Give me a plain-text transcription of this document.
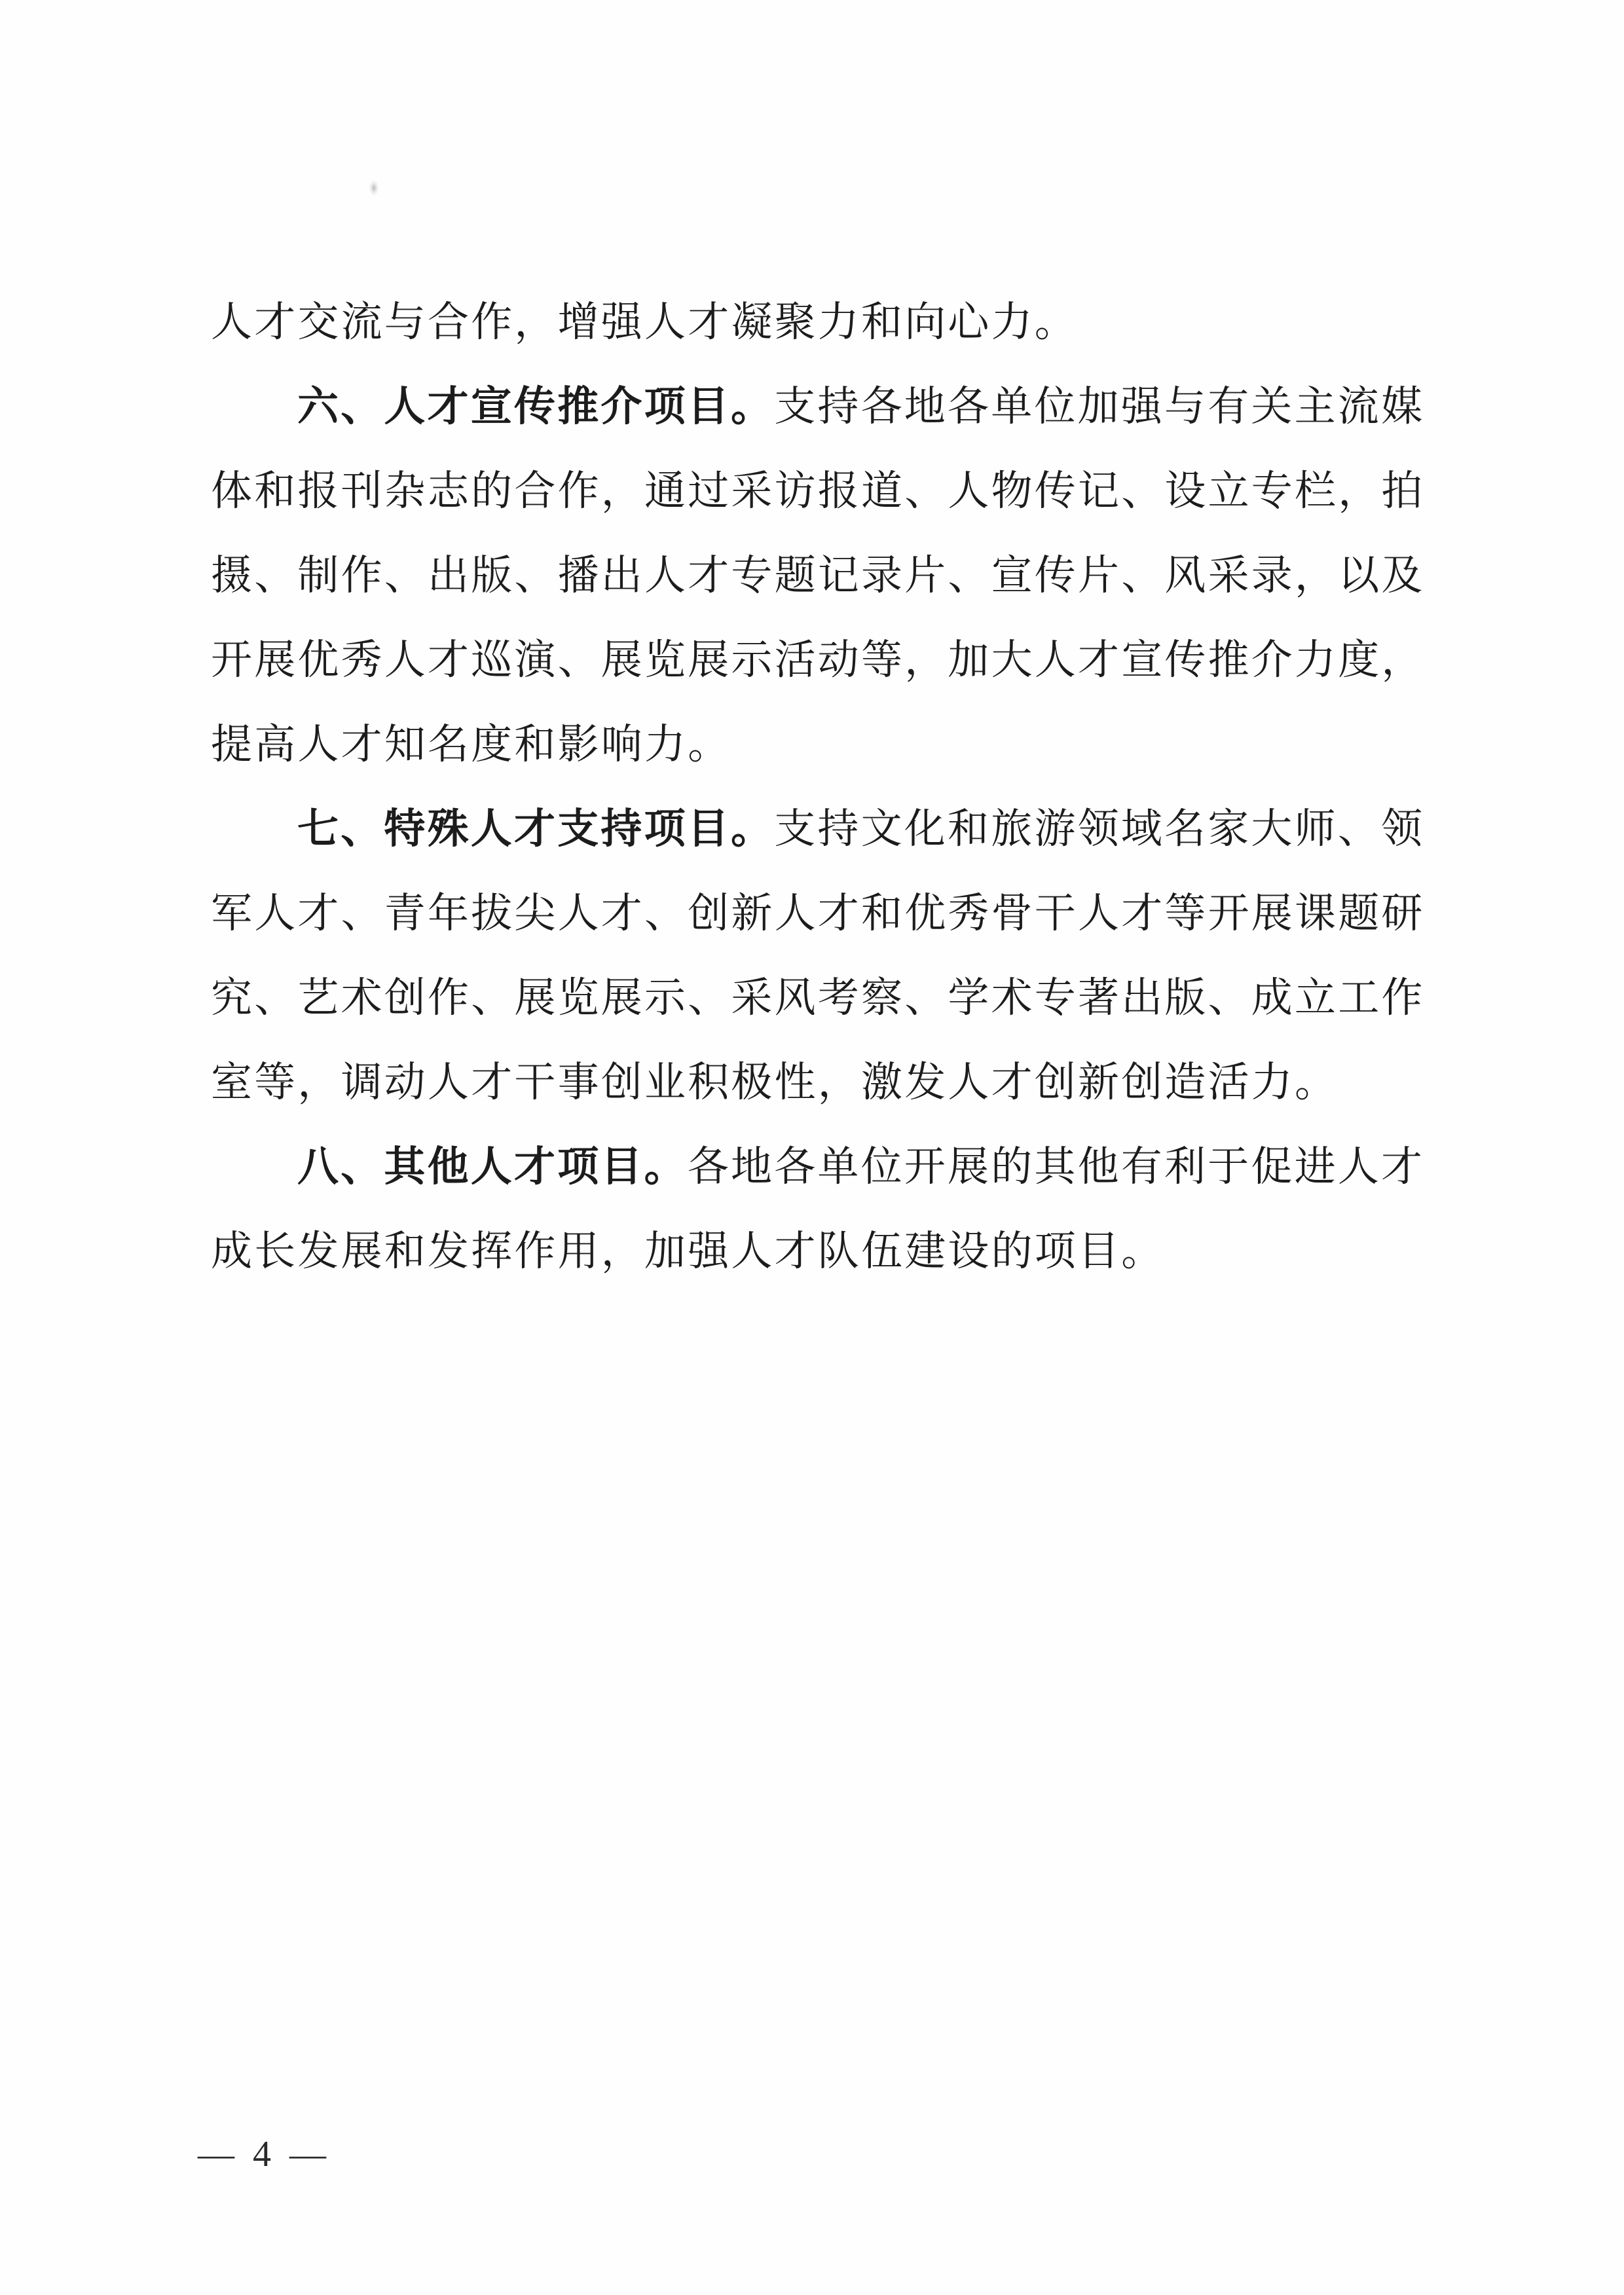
人才交流与合作，增强人才凝聚力和向心力。

六、人才宣传推介项目。支持各地各单位加强与有关主流媒

体和报刊杂志的合作，通过采访报道、人物传记、设立专栏，拍

摄、制作、出版、播出人才专题记录片、宣传片、风采录，以及

开展优秀人才巡演、展览展示活动等，加大人才宣传推介力度，

提高人才知名度和影响力。

七、特殊人才支持项目。支持文化和旅游领域名家大师、领

军人才、青年拔尖人才、创新人才和优秀骨干人才等开展课题研

究、艺术创作、展览展示、采风考察、学术专著出版、成立工作

室等，调动人才干事创业积极性，激发人才创新创造活力。

八、其他人才项目。各地各单位开展的其他有利于促进人才

成长发展和发挥作用，加强人才队伍建设的项目。

— 4 —
